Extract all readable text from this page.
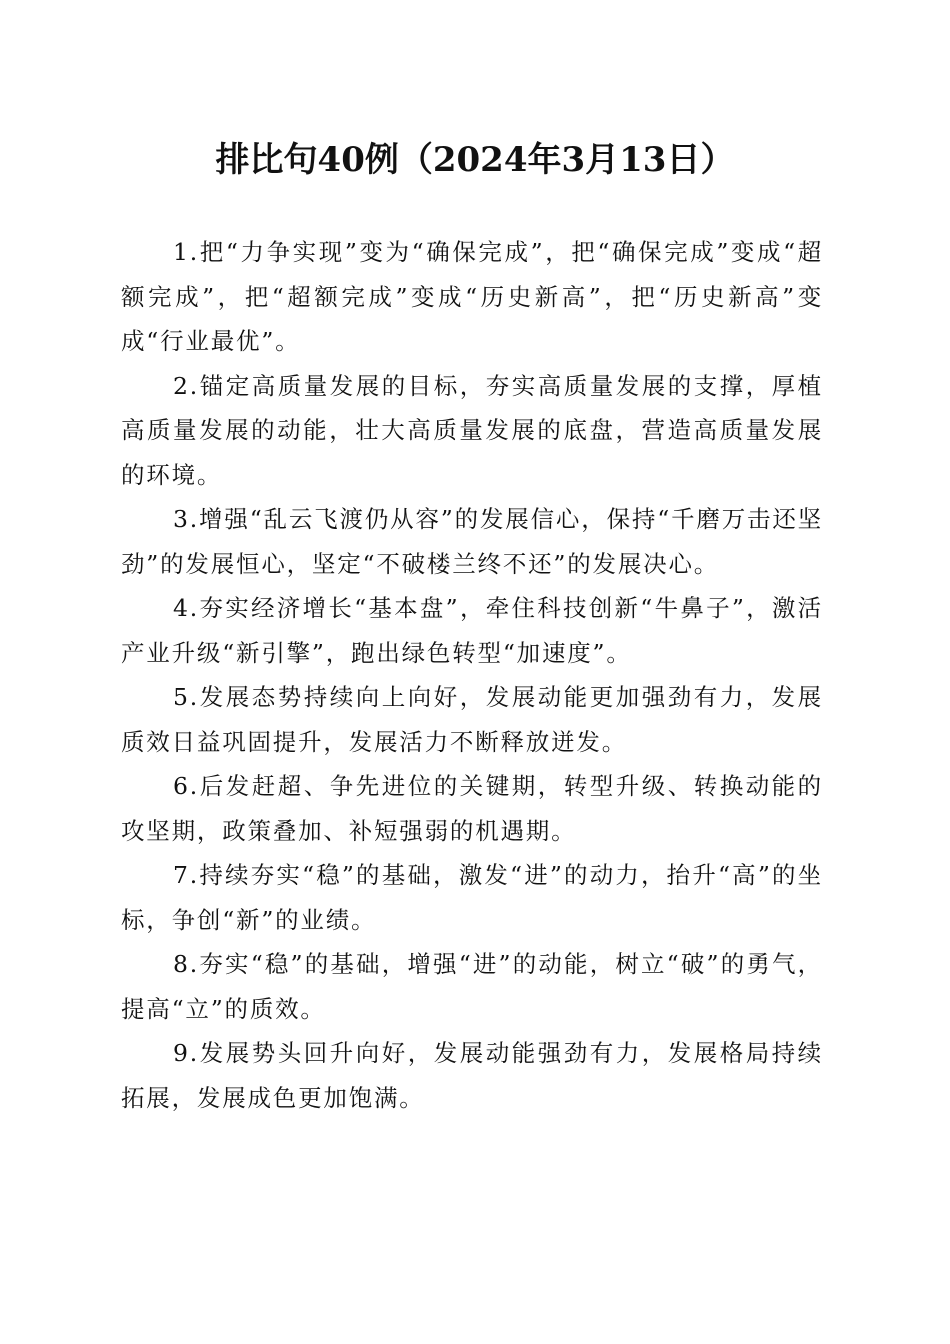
排比句40例（2024年3月13日）

1.把“力争实现”变为“确保完成”，把“确保完成”变成“超额完成”，把“超额完成”变成“历史新高”，把“历史新高”变成“行业最优”。

2.锚定高质量发展的目标，夯实高质量发展的支撑，厚植高质量发展的动能，壮大高质量发展的底盘，营造高质量发展的环境。

3.增强“乱云飞渡仍从容”的发展信心，保持“千磨万击还坚劲”的发展恒心，坚定“不破楼兰终不还”的发展决心。

4.夯实经济增长“基本盘”，牵住科技创新“牛鼻子”，激活产业升级“新引擎”，跑出绿色转型“加速度”。

5.发展态势持续向上向好，发展动能更加强劲有力，发展质效日益巩固提升，发展活力不断释放迸发。

6.后发赶超、争先进位的关键期，转型升级、转换动能的攻坚期，政策叠加、补短强弱的机遇期。

7.持续夯实“稳”的基础，激发“进”的动力，抬升“高”的坐标，争创“新”的业绩。

8.夯实“稳”的基础，增强“进”的动能，树立“破”的勇气，提高“立”的质效。

9.发展势头回升向好，发展动能强劲有力，发展格局持续拓展，发展成色更加饱满。
